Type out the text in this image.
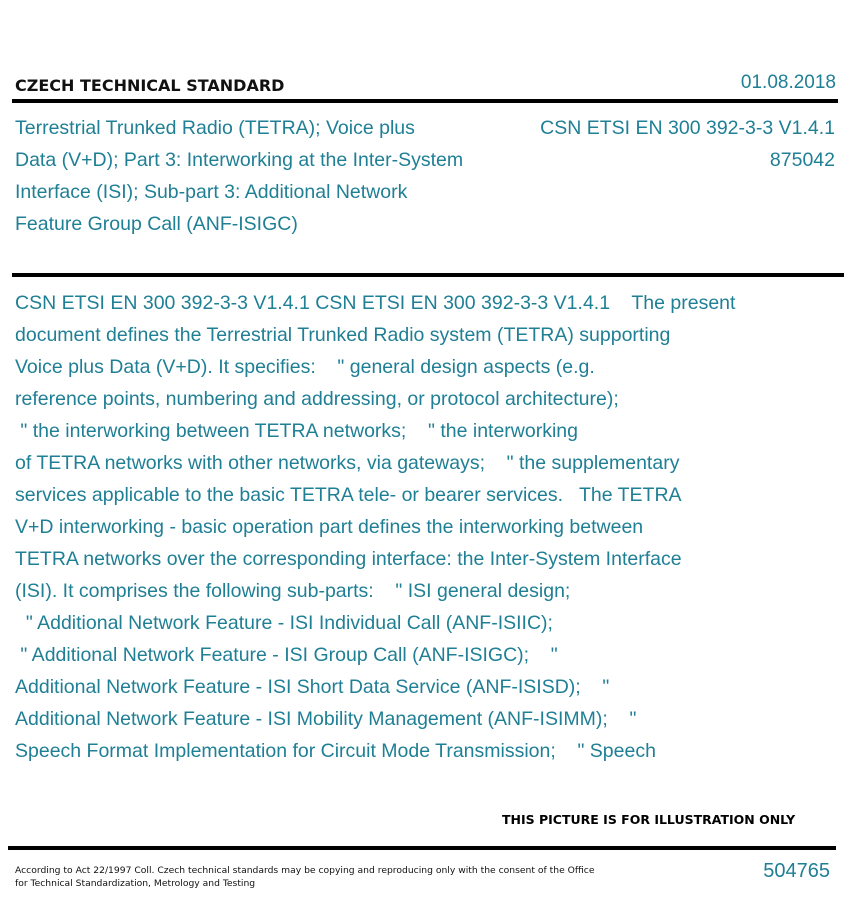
CZECH TECHNICAL STANDARD	01.08.2018
Terrestrial Trunked Radio (TETRA); Voice plus
Data (V+D); Part 3: Interworking at the Inter-System
Interface (ISI); Sub-part 3: Additional Network
Feature Group Call (ANF-ISIGC)
CSN ETSI EN 300 392-3-3 V1.4.1
875042
CSN ETSI EN 300 392-3-3 V1.4.1 CSN ETSI EN 300 392-3-3 V1.4.1    The present
document defines the Terrestrial Trunked Radio system (TETRA) supporting
Voice plus Data (V+D). It specifies:    " general design aspects (e.g.
reference points, numbering and addressing, or protocol architecture);
" the interworking between TETRA networks;    " the interworking
of TETRA networks with other networks, via gateways;    " the supplementary
services applicable to the basic TETRA tele- or bearer services.   The TETRA
V+D interworking - basic operation part defines the interworking between
TETRA networks over the corresponding interface: the Inter-System Interface
(ISI). It comprises the following sub-parts:    " ISI general design;
" Additional Network Feature - ISI Individual Call (ANF-ISIIC);
" Additional Network Feature - ISI Group Call (ANF-ISIGC);    "
Additional Network Feature - ISI Short Data Service (ANF-ISISD);    "
Additional Network Feature - ISI Mobility Management (ANF-ISIMM);    "
Speech Format Implementation for Circuit Mode Transmission;    " Speech
THIS PICTURE IS FOR ILLUSTRATION ONLY
According to Act 22/1997 Coll. Czech technical standards may be copying and reproducing only with the consent of the Office
for Technical Standardization, Metrology and Testing
504765
